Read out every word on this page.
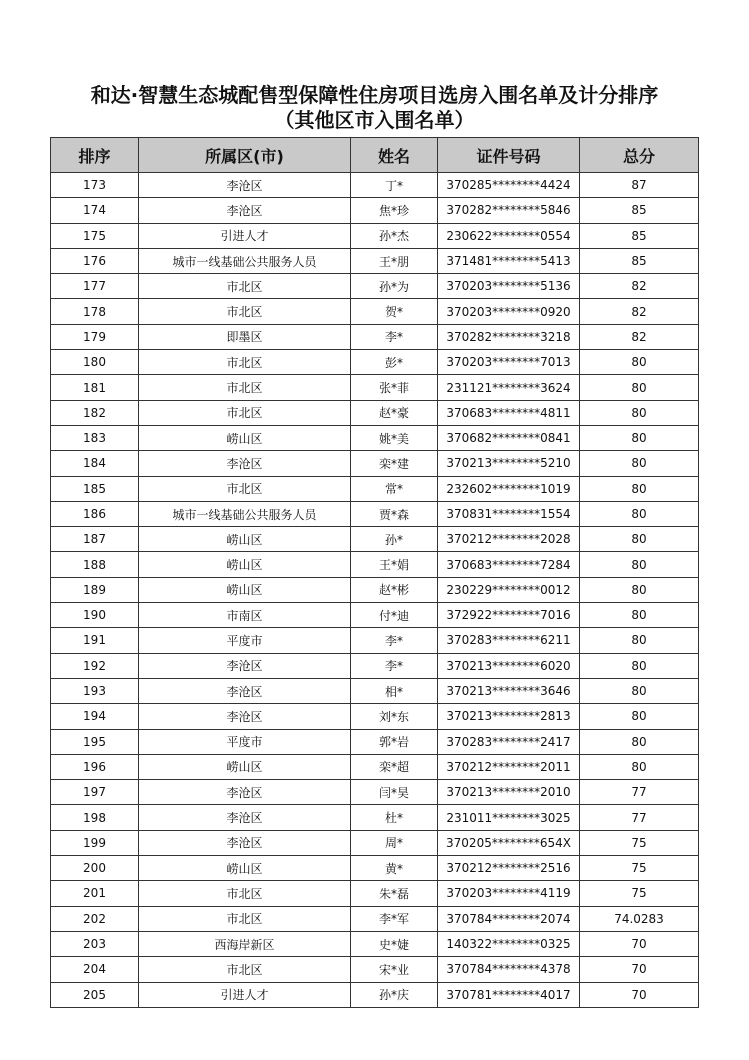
和达·智慧生态城配售型保障性住房项目选房入围名单及计分排序
（其他区市入围名单）
排序	所属区(市)	姓名	证件号码	总分
173	李沧区	丁*	370285********4424	87
174	李沧区	焦*珍	370282********5846	85
175	引进人才	孙*杰	230622********0554	85
176	城市一线基础公共服务人员	王*朋	371481********5413	85
177	市北区	孙*为	370203********5136	82
178	市北区	贺*	370203********0920	82
179	即墨区	李*	370282********3218	82
180	市北区	彭*	370203********7013	80
181	市北区	张*菲	231121********3624	80
182	市北区	赵*豪	370683********4811	80
183	崂山区	姚*美	370682********0841	80
184	李沧区	栾*建	370213********5210	80
185	市北区	常*	232602********1019	80
186	城市一线基础公共服务人员	贾*森	370831********1554	80
187	崂山区	孙*	370212********2028	80
188	崂山区	王*娟	370683********7284	80
189	崂山区	赵*彬	230229********0012	80
190	市南区	付*迪	372922********7016	80
191	平度市	李*	370283********6211	80
192	李沧区	李*	370213********6020	80
193	李沧区	相*	370213********3646	80
194	李沧区	刘*东	370213********2813	80
195	平度市	郭*岩	370283********2417	80
196	崂山区	栾*超	370212********2011	80
197	李沧区	闫*昊	370213********2010	77
198	李沧区	杜*	231011********3025	77
199	李沧区	周*	370205********654X	75
200	崂山区	黄*	370212********2516	75
201	市北区	朱*磊	370203********4119	75
202	市北区	李*军	370784********2074	74.0283
203	西海岸新区	史*婕	140322********0325	70
204	市北区	宋*业	370784********4378	70
205	引进人才	孙*庆	370781********4017	70
